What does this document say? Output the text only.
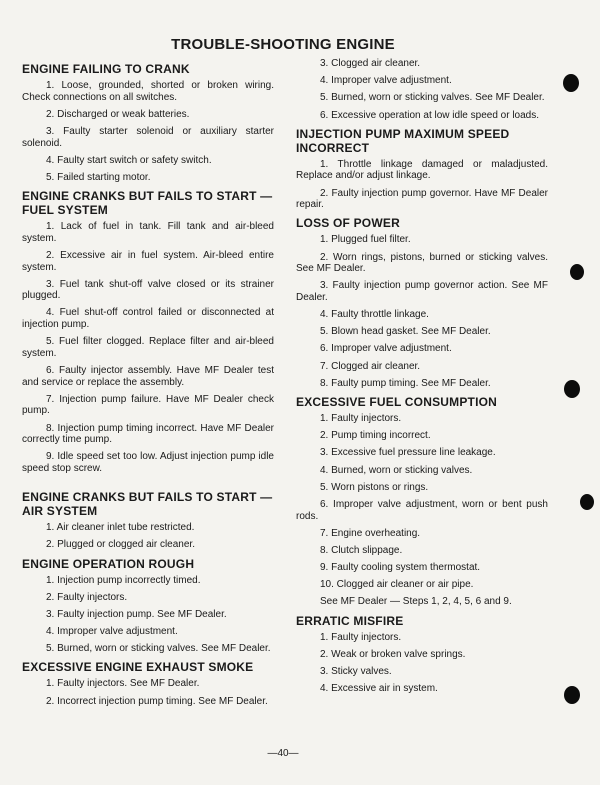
TROUBLE-SHOOTING ENGINE
ENGINE FAILING TO CRANK

1. Loose, grounded, shorted or broken wiring. Check connections on all switches.

2. Discharged or weak batteries.

3. Faulty starter solenoid or auxiliary starter solenoid.

4. Faulty start switch or safety switch.

5. Failed starting motor.

ENGINE CRANKS BUT FAILS TO START — FUEL SYSTEM

1. Lack of fuel in tank. Fill tank and air-bleed system.

2. Excessive air in fuel system. Air-bleed entire system.

3. Fuel tank shut-off valve closed or its strainer plugged.

4. Fuel shut-off control failed or disconnected at injection pump.

5. Fuel filter clogged. Replace filter and air-bleed system.

6. Faulty injector assembly. Have MF Dealer test and service or replace the assembly.

7. Injection pump failure. Have MF Dealer check pump.

8. Injection pump timing incorrect. Have MF Dealer correctly time pump.

9. Idle speed set too low. Adjust injection pump idle speed stop screw.

ENGINE CRANKS BUT FAILS TO START — AIR SYSTEM

1. Air cleaner inlet tube restricted.

2. Plugged or clogged air cleaner.

ENGINE OPERATION ROUGH

1. Injection pump incorrectly timed.

2. Faulty injectors.

3. Faulty injection pump. See MF Dealer.

4. Improper valve adjustment.

5. Burned, worn or sticking valves. See MF Dealer.

EXCESSIVE ENGINE EXHAUST SMOKE

1. Faulty injectors. See MF Dealer.

2. Incorrect injection pump timing. See MF Dealer.

3. Clogged air cleaner.

4. Improper valve adjustment.

5. Burned, worn or sticking valves. See MF Dealer.

6. Excessive operation at low idle speed or loads.

INJECTION PUMP MAXIMUM SPEED INCORRECT

1. Throttle linkage damaged or maladjusted. Replace and/or adjust linkage.

2. Faulty injection pump governor. Have MF Dealer repair.

LOSS OF POWER

1. Plugged fuel filter.

2. Worn rings, pistons, burned or sticking valves. See MF Dealer.

3. Faulty injection pump governor action. See MF Dealer.

4. Faulty throttle linkage.

5. Blown head gasket. See MF Dealer.

6. Improper valve adjustment.

7. Clogged air cleaner.

8. Faulty pump timing. See MF Dealer.

EXCESSIVE FUEL CONSUMPTION

1. Faulty injectors.

2. Pump timing incorrect.

3. Excessive fuel pressure line leakage.

4. Burned, worn or sticking valves.

5. Worn pistons or rings.

6. Improper valve adjustment, worn or bent push rods.

7. Engine overheating.

8. Clutch slippage.

9. Faulty cooling system thermostat.

10. Clogged air cleaner or air pipe.

See MF Dealer — Steps 1, 2, 4, 5, 6 and 9.

ERRATIC MISFIRE

1. Faulty injectors.

2. Weak or broken valve springs.

3. Sticky valves.

4. Excessive air in system.

—40—
